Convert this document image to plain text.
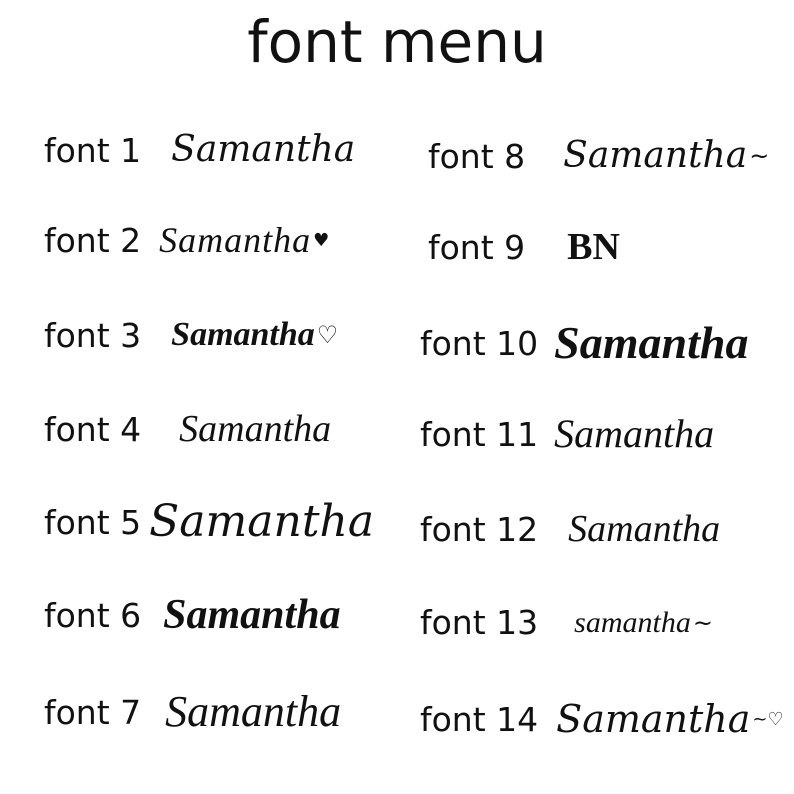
font menu
font 1 Samantha
font 2 Samantha ♥
font 3 Samantha ♡
font 4 Samantha
font 5 Samantha
font 6 Samantha
font 7 Samantha
font 8 Samantha ~
font 9 BN
font 10 Samantha
font 11 Samantha
font 12 Samantha
font 13 samantha ~
font 14 Samantha ~♡
